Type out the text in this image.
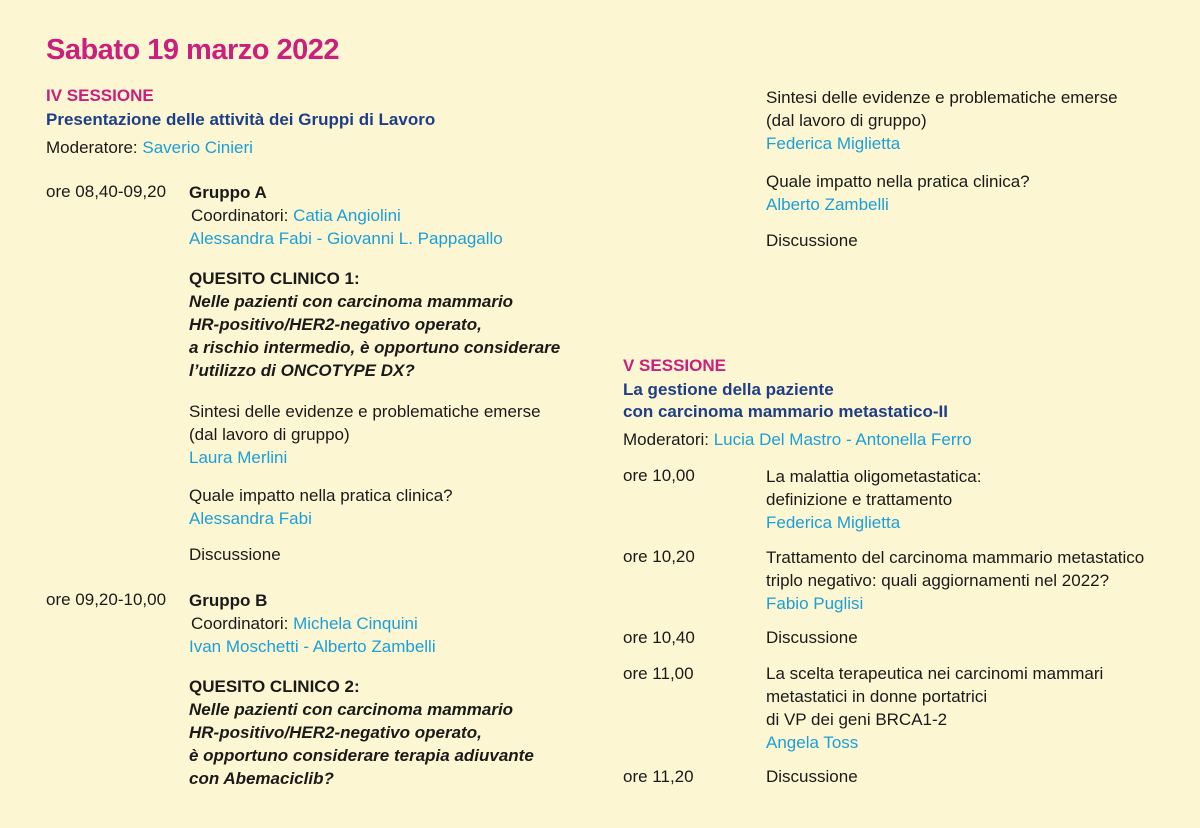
Sabato 19 marzo 2022
IV SESSIONE
Presentazione delle attività dei Gruppi di Lavoro
Moderatore: Saverio Cinieri
ore 08,40-09,20 Gruppo A
Coordinatori: Catia Angiolini
Alessandra Fabi - Giovanni L. Pappagallo
QUESITO CLINICO 1:
Nelle pazienti con carcinoma mammario
HR-positivo/HER2-negativo operato,
a rischio intermedio, è opportuno considerare
l’utilizzo di ONCOTYPE DX?
Sintesi delle evidenze e problematiche emerse
(dal lavoro di gruppo)
Laura Merlini
Quale impatto nella pratica clinica?
Alessandra Fabi
Discussione
ore 09,20-10,00 Gruppo B
Coordinatori: Michela Cinquini
Ivan Moschetti - Alberto Zambelli
QUESITO CLINICO 2:
Nelle pazienti con carcinoma mammario
HR-positivo/HER2-negativo operato,
è opportuno considerare terapia adiuvante
con Abemaciclib?
Sintesi delle evidenze e problematiche emerse
(dal lavoro di gruppo)
Federica Miglietta
Quale impatto nella pratica clinica?
Alberto Zambelli
Discussione
V SESSIONE
La gestione della paziente
con carcinoma mammario metastatico-II
Moderatori: Lucia Del Mastro - Antonella Ferro
ore 10,00	La malattia oligometastatica:
definizione e trattamento
Federica Miglietta
ore 10,20	Trattamento del carcinoma mammario metastatico
triplo negativo: quali aggiornamenti nel 2022?
Fabio Puglisi
ore 10,40	Discussione
ore 11,00	La scelta terapeutica nei carcinomi mammari
metastatici in donne portatrici
di VP dei geni BRCA1-2
Angela Toss
ore 11,20	Discussione
